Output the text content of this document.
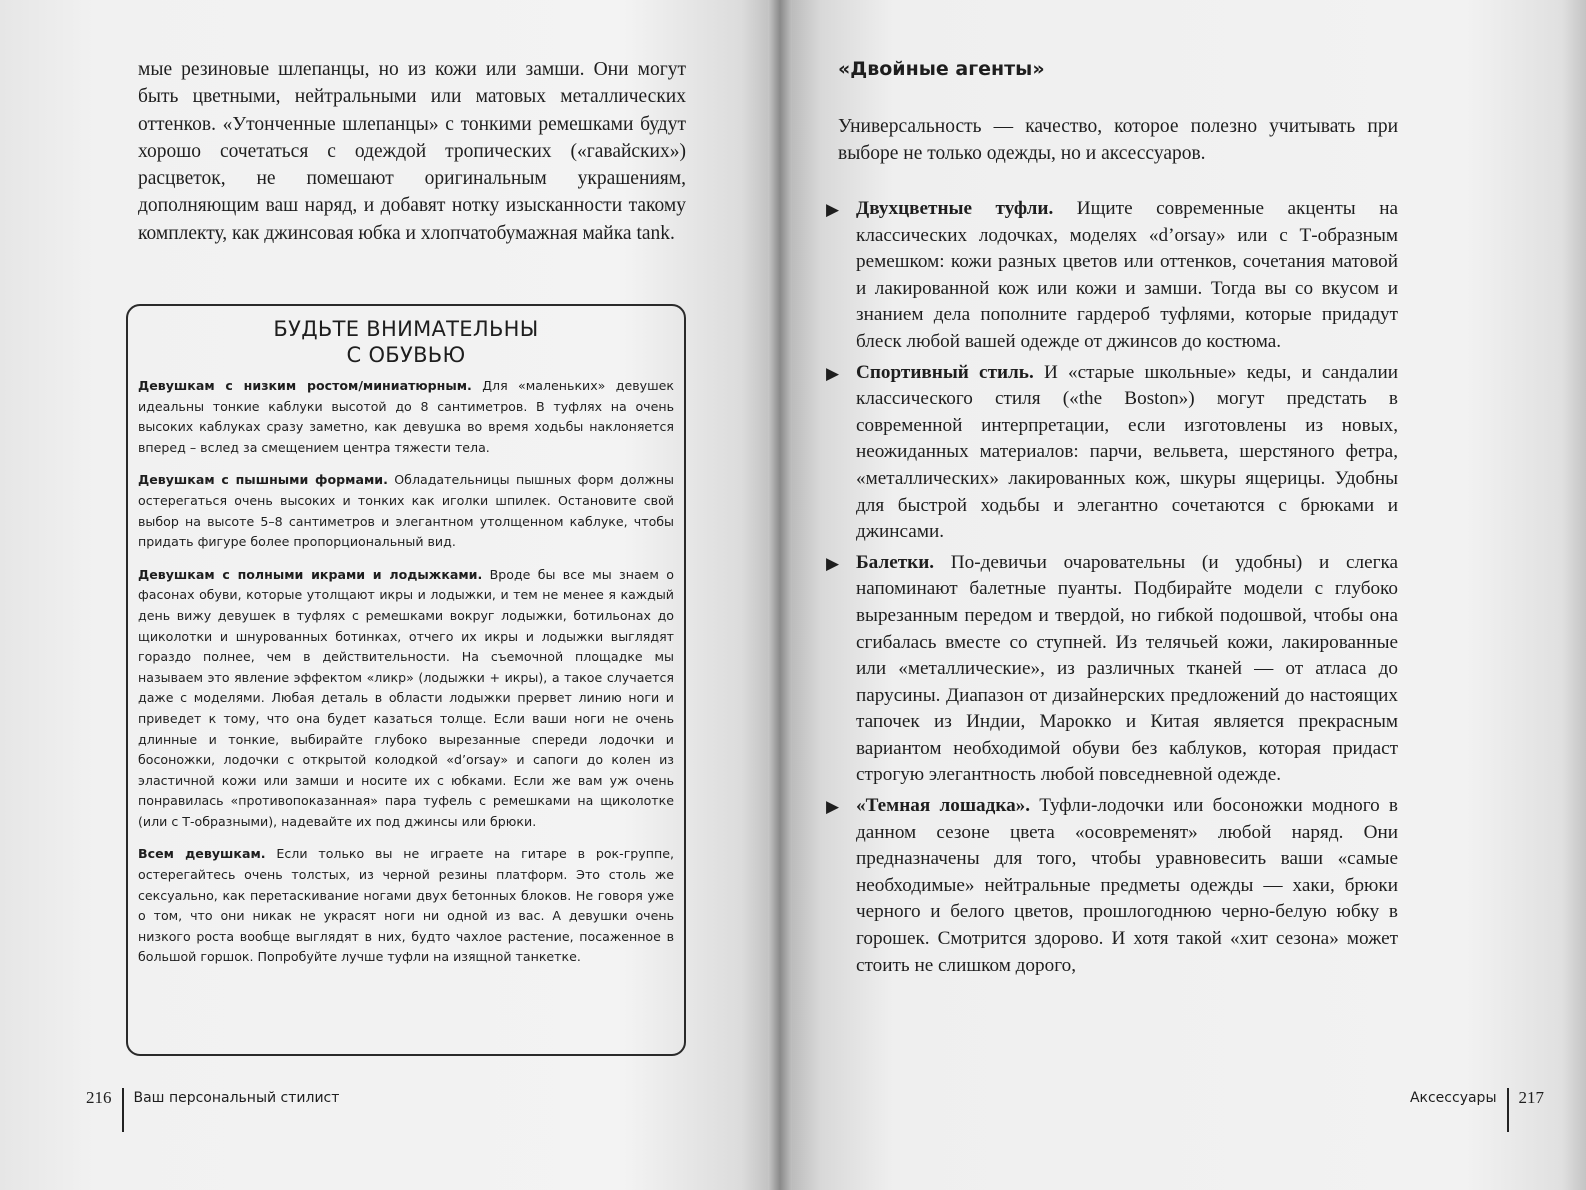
мые резиновые шлепанцы, но из кожи или замши. Они могут быть цветными, нейтральными или матовых металлических оттенков. «Утонченные шлепанцы» с тонкими ремешками будут хорошо сочетаться с одеждой тропических («гавайских») расцветок, не помешают оригинальным украшениям, дополняющим ваш наряд, и добавят нотку изысканности такому комплекту, как джинсовая юбка и хлопчатобумажная майка tank.

БУДЬТЕ ВНИМАТЕЛЬНЫ
С ОБУВЬЮ

Девушкам с низким ростом/миниатюрным. Для «маленьких» девушек идеальны тонкие каблуки высотой до 8 сантиметров. В туфлях на очень высоких каблуках сразу заметно, как девушка во время ходьбы наклоняется вперед – вслед за смещением центра тяжести тела.

Девушкам с пышными формами. Обладательницы пышных форм должны остерегаться очень высоких и тонких как иголки шпилек. Остановите свой выбор на высоте 5–8 сантиметров и элегантном утолщенном каблуке, чтобы придать фигуре более пропорциональный вид.

Девушкам с полными икрами и лодыжками. Вроде бы все мы знаем о фасонах обуви, которые утолщают икры и лодыжки, и тем не менее я каждый день вижу девушек в туфлях с ремешками вокруг лодыжки, ботильонах до щиколотки и шнурованных ботинках, отчего их икры и лодыжки выглядят гораздо полнее, чем в действительности. На съемочной площадке мы называем это явление эффектом «ликр» (лодыжки + икры), а такое случается даже с моделями. Любая деталь в области лодыжки прервет линию ноги и приведет к тому, что она будет казаться толще. Если ваши ноги не очень длинные и тонкие, выбирайте глубоко вырезанные спереди лодочки и босоножки, лодочки с открытой колодкой «d’orsay» и сапоги до колен из эластичной кожи или замши и носите их с юбками. Если же вам уж очень понравилась «противопоказанная» пара туфель с ремешками на щиколотке (или с Т-образными), надевайте их под джинсы или брюки.

Всем девушкам. Если только вы не играете на гитаре в рок-группе, остерегайтесь очень толстых, из черной резины платформ. Это столь же сексуально, как перетаскивание ногами двух бетонных блоков. Не говоря уже о том, что они никак не украсят ноги ни одной из вас. А девушки очень низкого роста вообще выглядят в них, будто чахлое растение, посаженное в большой горшок. Попробуйте лучше туфли на изящной танкетке.

216 Ваш персональный стилист
«Двойные агенты»

Универсальность — качество, которое полезно учитывать при выборе не только одежды, но и аксессуаров.

▶ Двухцветные туфли. Ищите современные акценты на классических лодочках, моделях «d’orsay» или с Т-образным ремешком: кожи разных цветов или оттенков, сочетания матовой и лакированной кож или кожи и замши. Тогда вы со вкусом и знанием дела пополните гардероб туфлями, которые придадут блеск любой вашей одежде от джинсов до костюма.
▶ Спортивный стиль. И «старые школьные» кеды, и сандалии классического стиля («the Boston») могут предстать в современной интерпретации, если изготовлены из новых, неожиданных материалов: парчи, вельвета, шерстяного фетра, «металлических» лакированных кож, шкуры ящерицы. Удобны для быстрой ходьбы и элегантно сочетаются с брюками и джинсами.
▶ Балетки. По-девичьи очаровательны (и удобны) и слегка напоминают балетные пуанты. Подбирайте модели с глубоко вырезанным передом и твердой, но гибкой подошвой, чтобы она сгибалась вместе со ступней. Из телячьей кожи, лакированные или «металлические», из различных тканей — от атласа до парусины. Диапазон от дизайнерских предложений до настоящих тапочек из Индии, Марокко и Китая является прекрасным вариантом необходимой обуви без каблуков, которая придаст строгую элегантность любой повседневной одежде.
▶ «Темная лошадка». Туфли-лодочки или босоножки модного в данном сезоне цвета «осовременят» любой наряд. Они предназначены для того, чтобы уравновесить ваши «самые необходимые» нейтральные предметы одежды — хаки, брюки черного и белого цветов, прошлогоднюю черно-белую юбку в горошек. Смотрится здорово. И хотя такой «хит сезона» может стоить не слишком дорого,
Аксессуары 217
